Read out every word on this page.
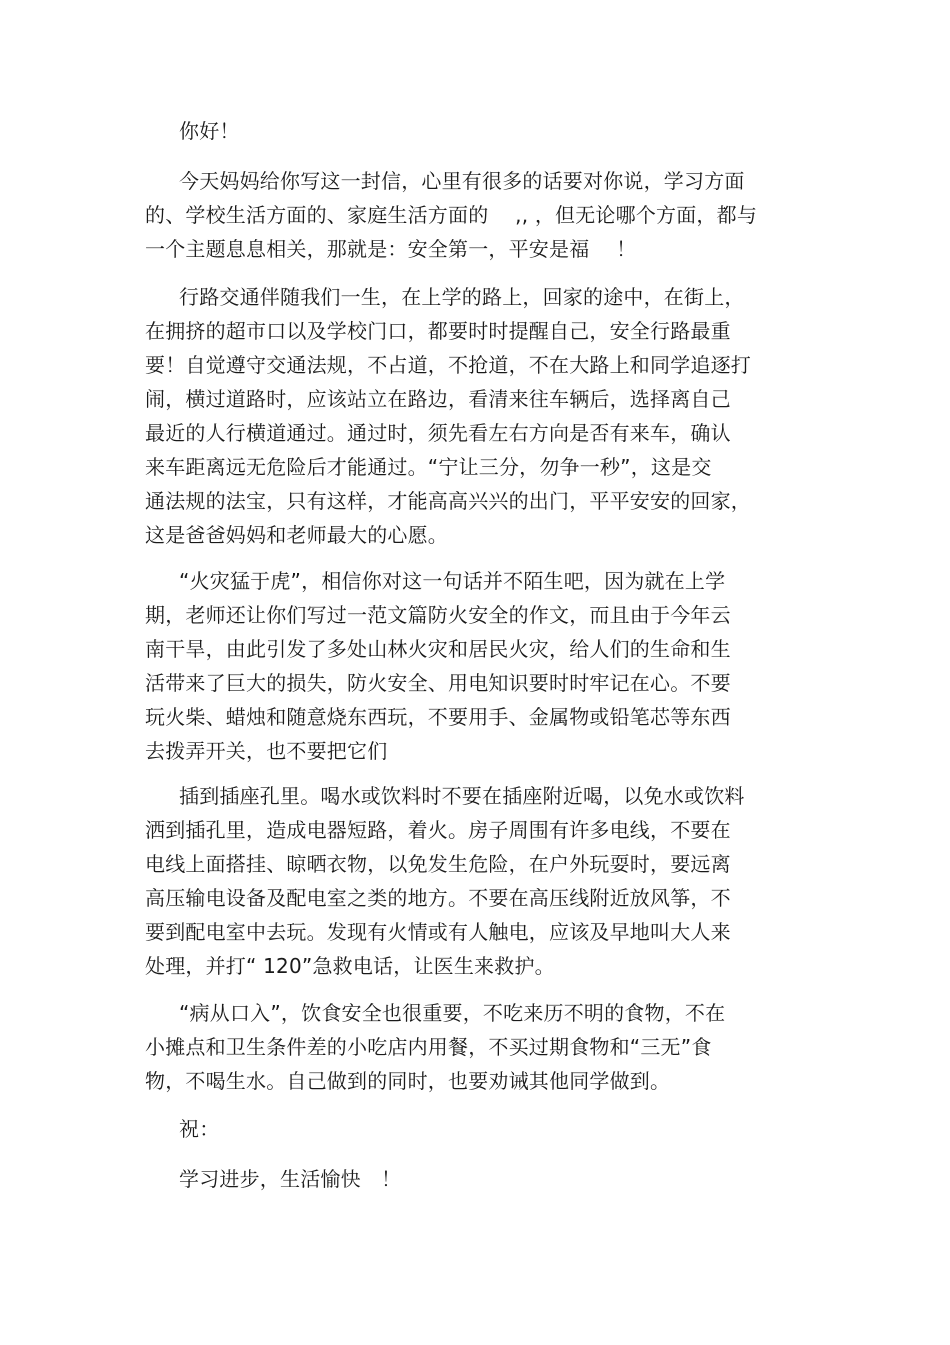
你好！

今天妈妈给你写这一封信，心里有很多的话要对你说，学习方面
的、学校生活方面的、家庭生活方面的　 ,, ，但无论哪个方面，都与
一个主题息息相关，那就是：安全第一，平安是福　 ！

行路交通伴随我们一生，在上学的路上，回家的途中，在街上，
在拥挤的超市口以及学校门口，都要时时提醒自己，安全行路最重
要！自觉遵守交通法规，不占道，不抢道，不在大路上和同学追逐打
闹，横过道路时，应该站立在路边，看清来往车辆后，选择离自己
最近的人行横道通过。通过时，须先看左右方向是否有来车，确认
来车距离远无危险后才能通过。“宁让三分，勿争一秒”，这是交
通法规的法宝，只有这样，才能高高兴兴的出门，平平安安的回家，
这是爸爸妈妈和老师最大的心愿。

“火灾猛于虎”，相信你对这一句话并不陌生吧，因为就在上学
期，老师还让你们写过一范文篇防火安全的作文，而且由于今年云
南干旱，由此引发了多处山林火灾和居民火灾，给人们的生命和生
活带来了巨大的损失，防火安全、用电知识要时时牢记在心。不要
玩火柴、蜡烛和随意烧东西玩，不要用手、金属物或铅笔芯等东西
去拨弄开关，也不要把它们

插到插座孔里。喝水或饮料时不要在插座附近喝，以免水或饮料
洒到插孔里，造成电器短路，着火。房子周围有许多电线，不要在
电线上面搭挂、晾晒衣物，以免发生危险，在户外玩耍时，要远离
高压输电设备及配电室之类的地方。不要在高压线附近放风筝，不
要到配电室中去玩。发现有火情或有人触电，应该及早地叫大人来
处理，并打“ 120”急救电话，让医生来救护。

“病从口入”，饮食安全也很重要，不吃来历不明的食物，不在
小摊点和卫生条件差的小吃店内用餐，不买过期食物和“三无”食
物，不喝生水。自己做到的同时，也要劝诫其他同学做到。

祝：

学习进步，生活愉快　！
